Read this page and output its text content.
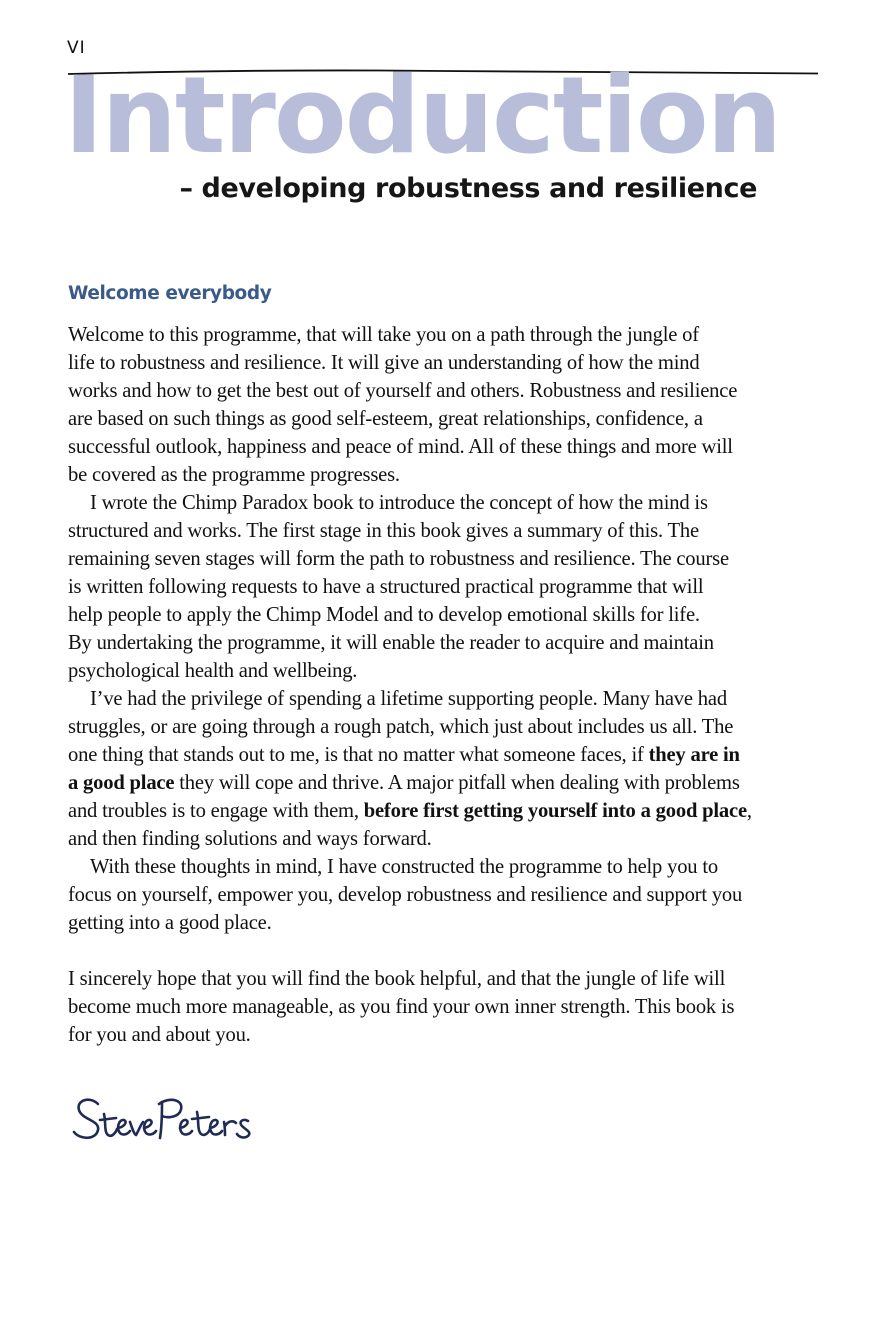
VI
Introduction
– developing robustness and resilience
Welcome everybody
Welcome to this programme, that will take you on a path through the jungle of
life to robustness and resilience. It will give an understanding of how the mind
works and how to get the best out of yourself and others. Robustness and resilience
are based on such things as good self-esteem, great relationships, confidence, a
successful outlook, happiness and peace of mind. All of these things and more will
be covered as the programme progresses.
I wrote the Chimp Paradox book to introduce the concept of how the mind is
structured and works. The first stage in this book gives a summary of this. The
remaining seven stages will form the path to robustness and resilience. The course
is written following requests to have a structured practical programme that will
help people to apply the Chimp Model and to develop emotional skills for life.
By undertaking the programme, it will enable the reader to acquire and maintain
psychological health and wellbeing.
I’ve had the privilege of spending a lifetime supporting people. Many have had
struggles, or are going through a rough patch, which just about includes us all. The
one thing that stands out to me, is that no matter what someone faces, if they are in
a good place they will cope and thrive. A major pitfall when dealing with problems
and troubles is to engage with them, before first getting yourself into a good place,
and then finding solutions and ways forward.
With these thoughts in mind, I have constructed the programme to help you to
focus on yourself, empower you, develop robustness and resilience and support you
getting into a good place.
I sincerely hope that you will find the book helpful, and that the jungle of life will
become much more manageable, as you find your own inner strength. This book is
for you and about you.
